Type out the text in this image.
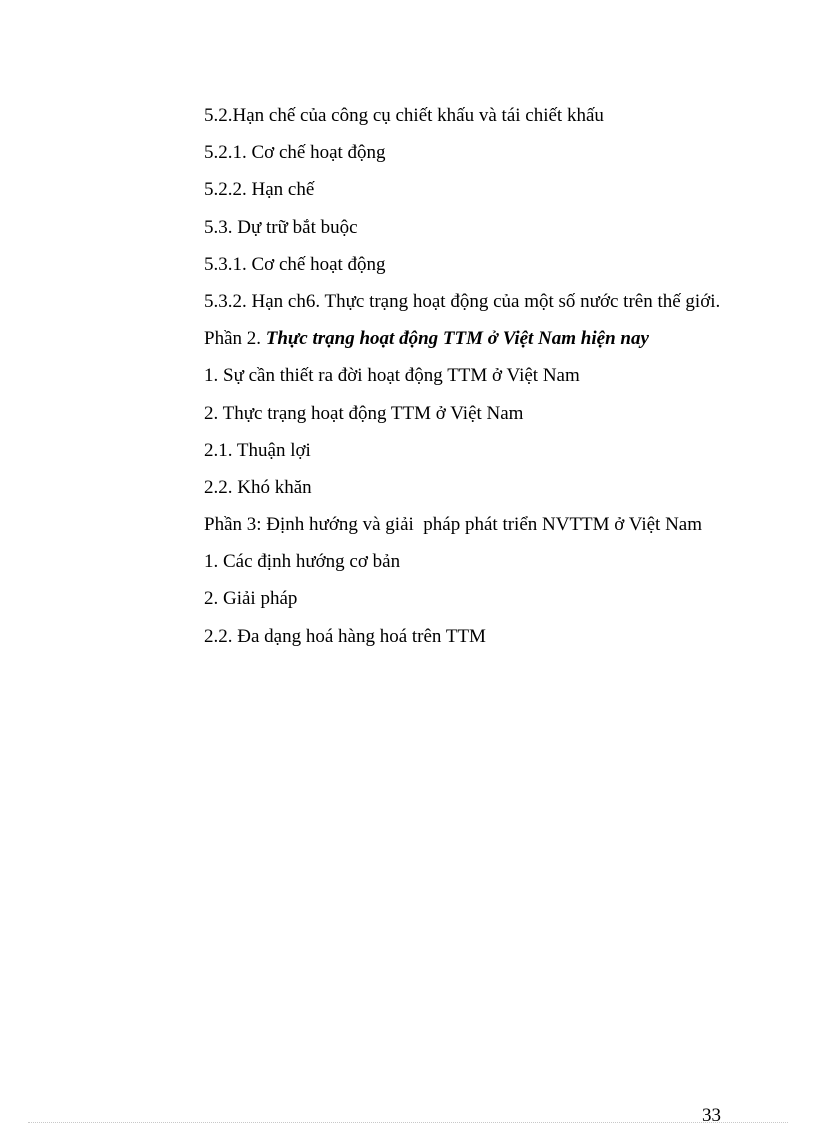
5.2.Hạn chế của công cụ chiết khấu và tái chiết khấu
5.2.1. Cơ chế hoạt động
5.2.2. Hạn chế
5.3. Dự trữ bắt buộc
5.3.1. Cơ chế hoạt động
5.3.2. Hạn ch6. Thực trạng hoạt động của một số nước trên thế giới.
Phần 2. Thực trạng hoạt động TTM ở Việt Nam hiện nay
1. Sự cần thiết ra đời hoạt động TTM ở Việt Nam
2. Thực trạng hoạt động TTM ở Việt Nam
2.1. Thuận lợi
2.2. Khó khăn
Phần 3: Định hướng và giải  pháp phát triển NVTTM ở Việt Nam
1. Các định hướng cơ bản
2. Giải pháp
2.2. Đa dạng hoá hàng hoá trên TTM
33
